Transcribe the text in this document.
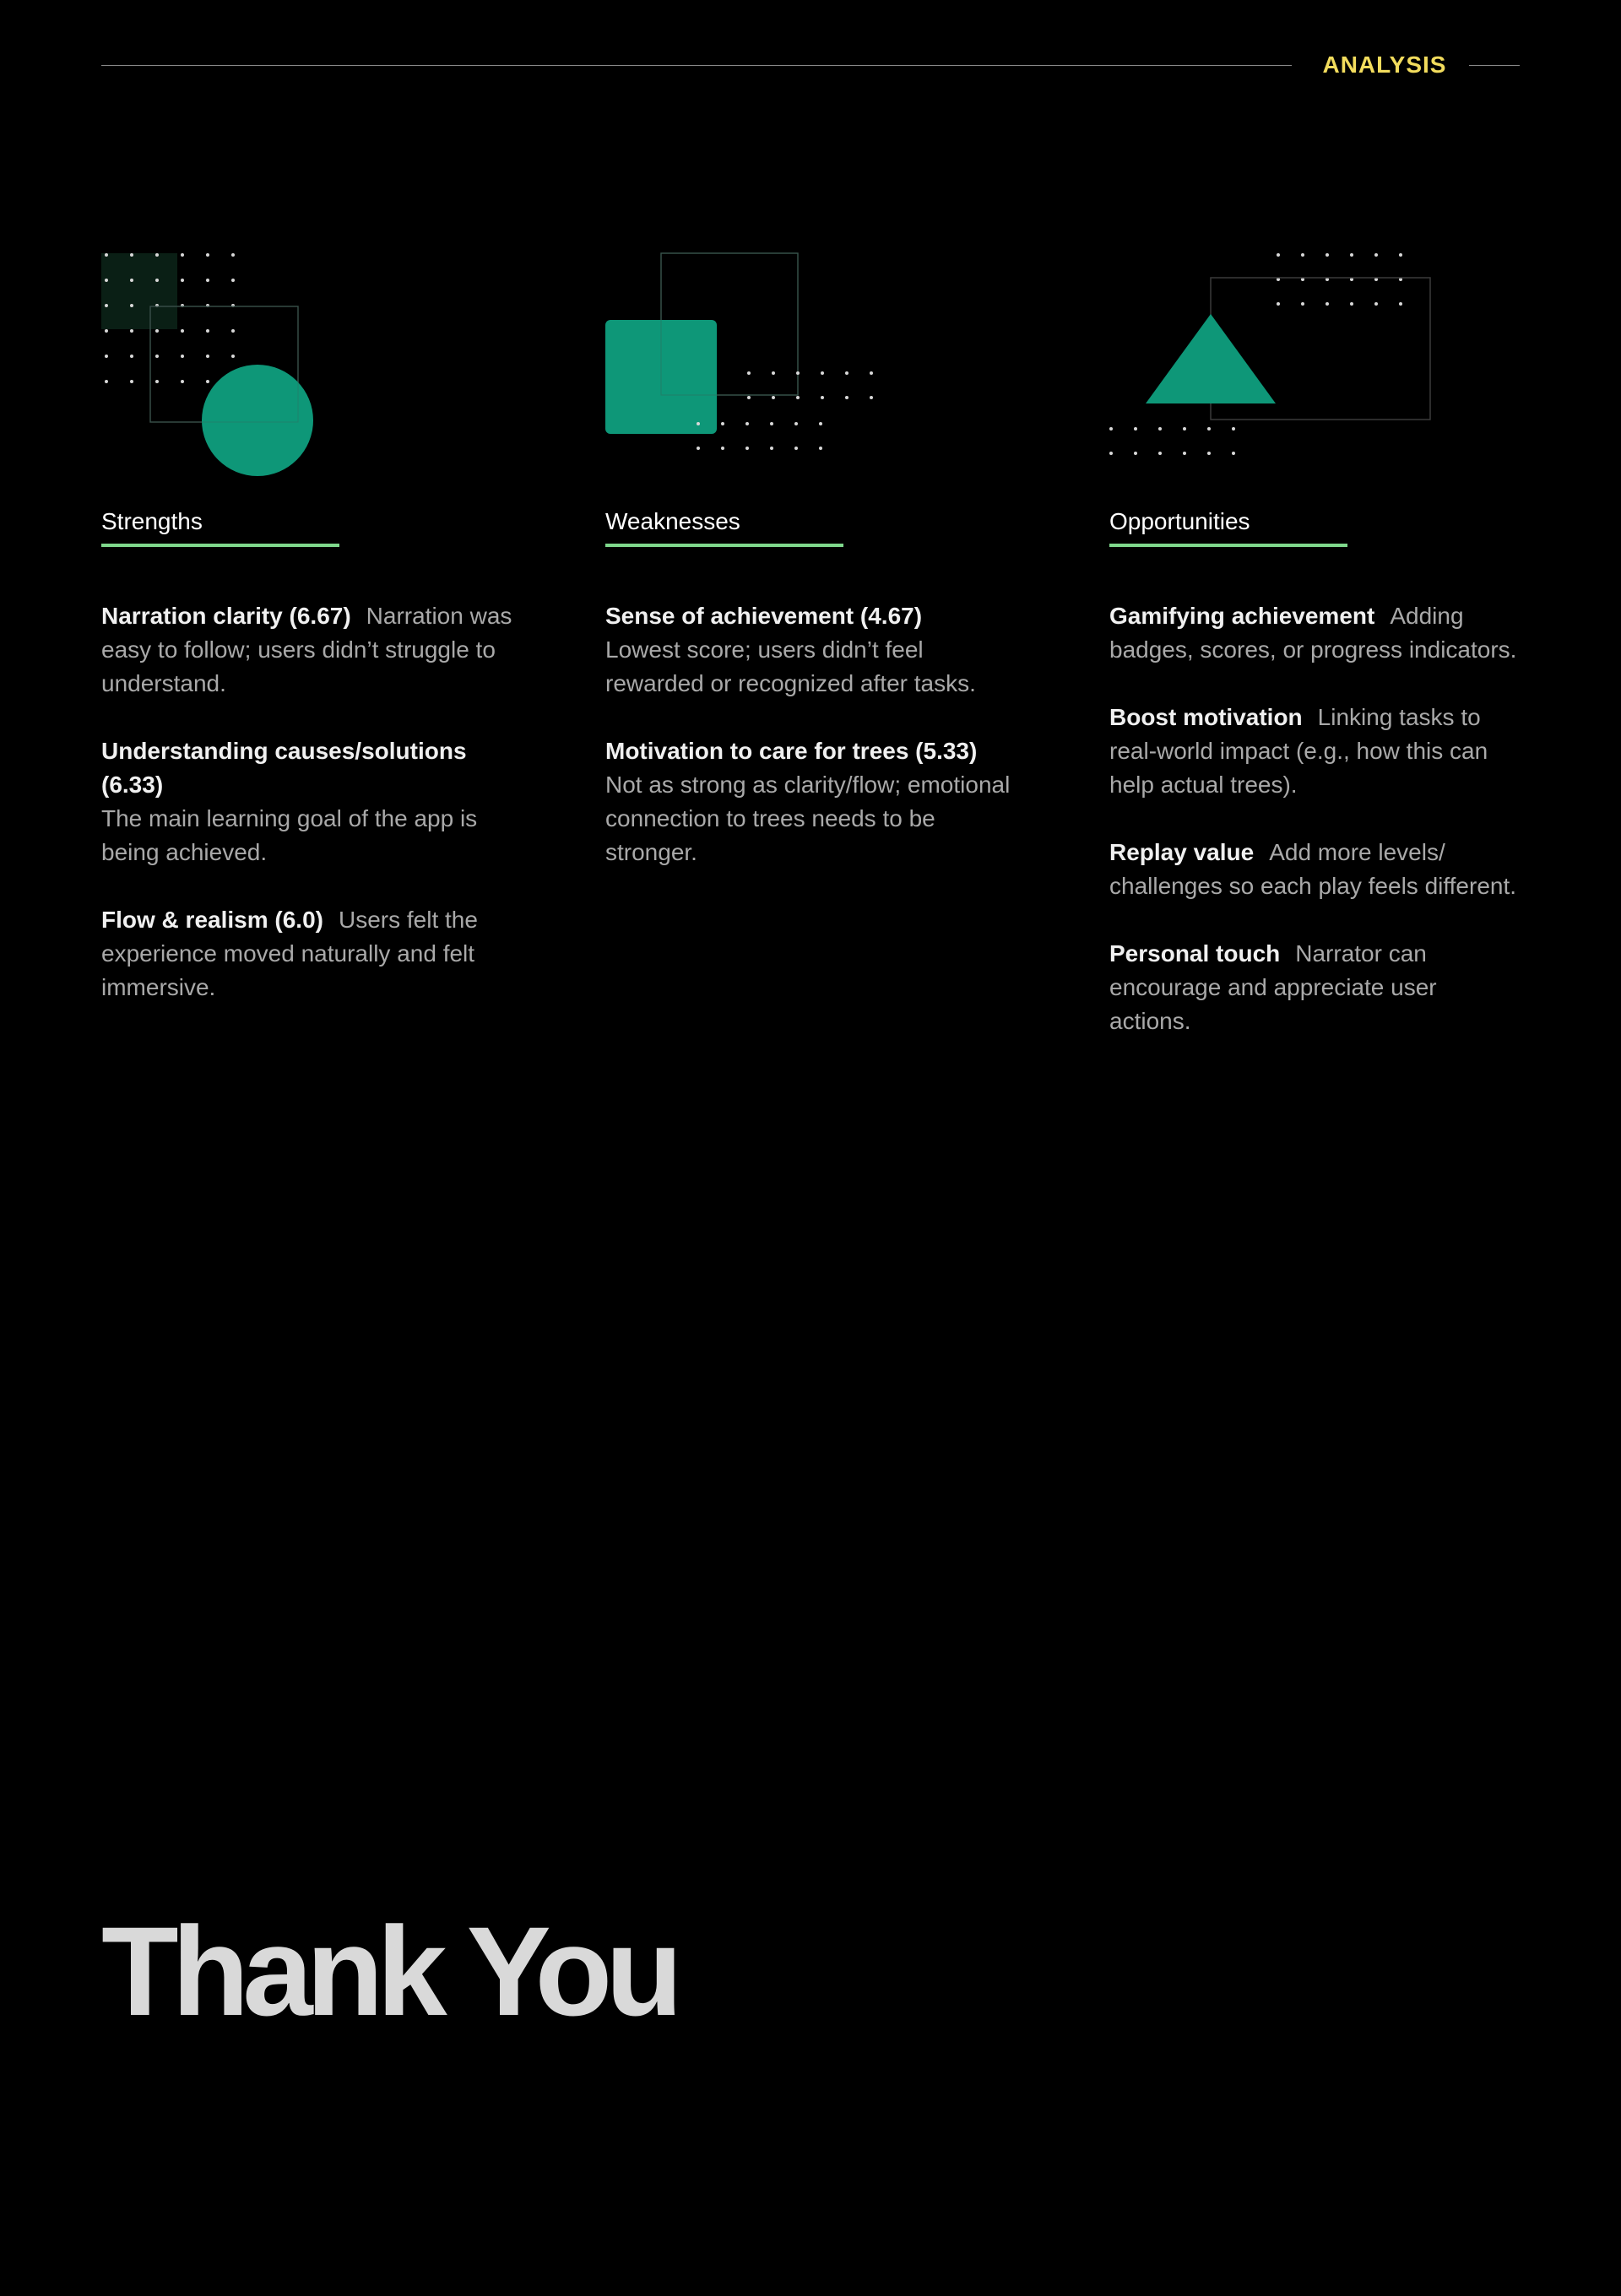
ANALYSIS
Strengths
Narration clarity (6.67) Narration was easy to follow; users didn’t struggle to understand.
Understanding causes/solutions (6.33)
The main learning goal of the app is being achieved.
Flow & realism (6.0) Users felt the experience moved naturally and felt immersive.
Weaknesses
Sense of achievement (4.67)
Lowest score; users didn’t feel rewarded or recognized after tasks.
Motivation to care for trees (5.33)
Not as strong as clarity/flow; emotional connection to trees needs to be stronger.
Opportunities
Gamifying achievement Adding badges, scores, or progress indicators.
Boost motivation Linking tasks to real-world impact (e.g., how this can help actual trees).
Replay value Add more levels/ challenges so each play feels different.
Personal touch Narrator can encourage and appreciate user actions.
Thank You
